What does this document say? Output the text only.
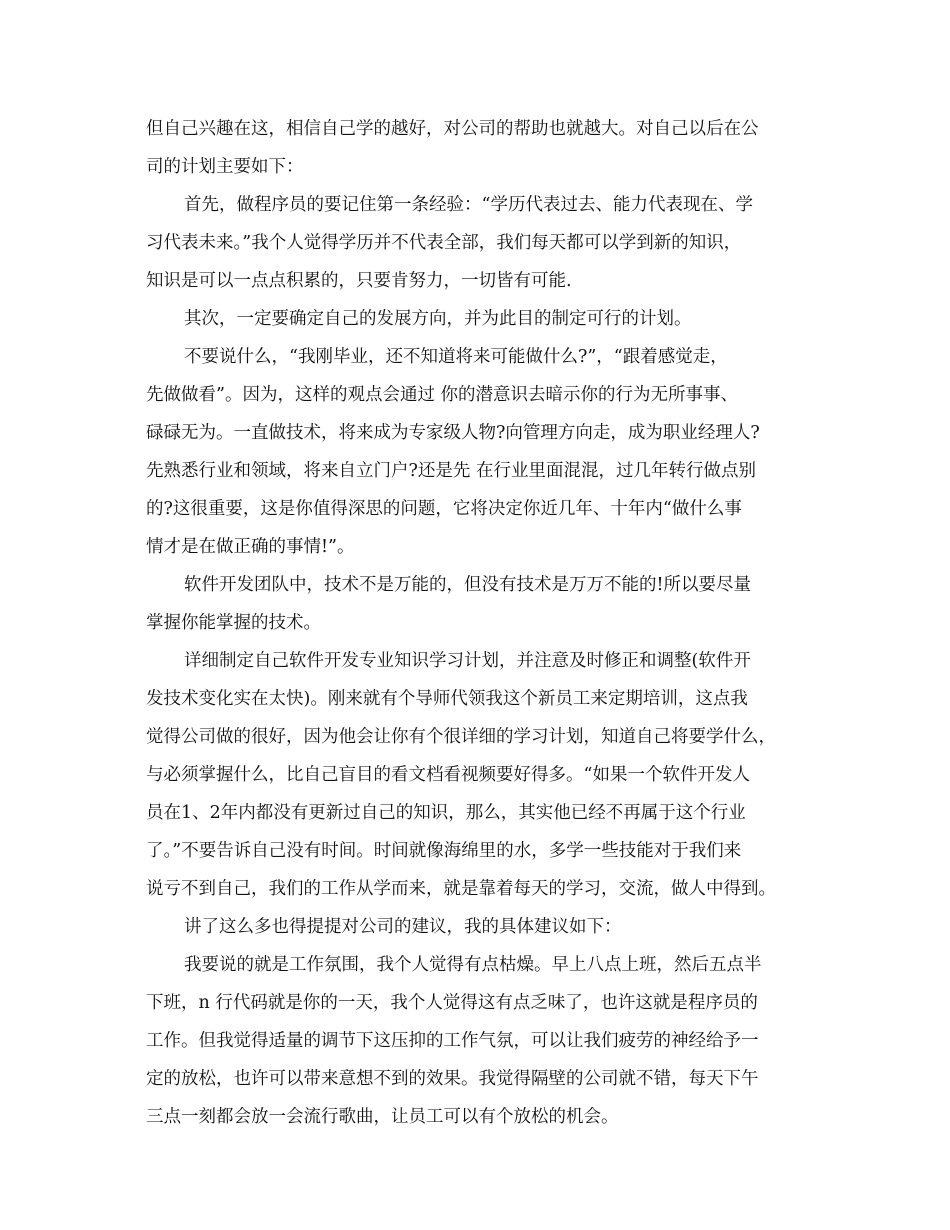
但自己兴趣在这，相信自己学的越好，对公司的帮助也就越大。对自己以后在公
司的计划主要如下：
首先，做程序员的要记住第一条经验：“学历代表过去、能力代表现在、学
习代表未来。”我个人觉得学历并不代表全部，我们每天都可以学到新的知识，
知识是可以一点点积累的，只要肯努力，一切皆有可能.
其次，一定要确定自己的发展方向，并为此目的制定可行的计划。
不要说什么，“我刚毕业，还不知道将来可能做什么?”，“跟着感觉走，
先做做看”。因为，这样的观点会通过 你的潜意识去暗示你的行为无所事事、
碌碌无为。一直做技术，将来成为专家级人物?向管理方向走，成为职业经理人?
先熟悉行业和领域，将来自立门户?还是先 在行业里面混混，过几年转行做点别
的?这很重要，这是你值得深思的问题，它将决定你近几年、十年内“做什么事
情才是在做正确的事情!”。
软件开发团队中，技术不是万能的，但没有技术是万万不能的!所以要尽量
掌握你能掌握的技术。
详细制定自己软件开发专业知识学习计划，并注意及时修正和调整(软件开
发技术变化实在太快)。刚来就有个导师代领我这个新员工来定期培训，这点我
觉得公司做的很好，因为他会让你有个很详细的学习计划，知道自己将要学什么，
与必须掌握什么，比自己盲目的看文档看视频要好得多。“如果一个软件开发人
员在1、2年内都没有更新过自己的知识，那么，其实他已经不再属于这个行业
了。”不要告诉自己没有时间。时间就像海绵里的水，多学一些技能对于我们来
说亏不到自己，我们的工作从学而来，就是靠着每天的学习，交流，做人中得到。
讲了这么多也得提提对公司的建议，我的具体建议如下：
我要说的就是工作氛围，我个人觉得有点枯燥。早上八点上班，然后五点半
下班，n 行代码就是你的一天，我个人觉得这有点乏味了，也许这就是程序员的
工作。但我觉得适量的调节下这压抑的工作气氛，可以让我们疲劳的神经给予一
定的放松，也许可以带来意想不到的效果。我觉得隔壁的公司就不错，每天下午
三点一刻都会放一会流行歌曲，让员工可以有个放松的机会。
